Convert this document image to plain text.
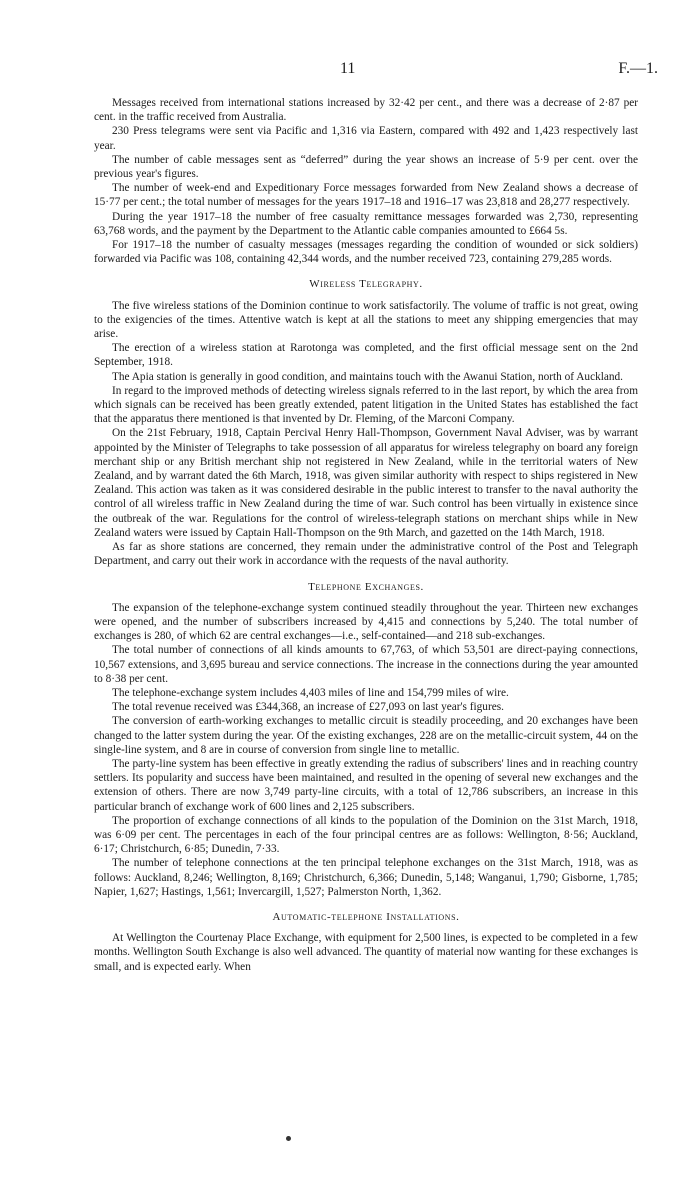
11	F.—1.

Messages received from international stations increased by 32·42 per cent., and there was a decrease of 2·87 per cent. in the traffic received from Australia.

230 Press telegrams were sent via Pacific and 1,316 via Eastern, compared with 492 and 1,423 respectively last year.

The number of cable messages sent as “deferred” during the year shows an increase of 5·9 per cent. over the previous year's figures.

The number of week-end and Expeditionary Force messages forwarded from New Zealand shows a decrease of 15·77 per cent.; the total number of messages for the years 1917–18 and 1916–17 was 23,818 and 28,277 respectively.

During the year 1917–18 the number of free casualty remittance messages forwarded was 2,730, representing 63,768 words, and the payment by the Department to the Atlantic cable companies amounted to £664 5s.

For 1917–18 the number of casualty messages (messages regarding the condition of wounded or sick soldiers) forwarded via Pacific was 108, containing 42,344 words, and the number received 723, containing 279,285 words.

Wireless Telegraphy.

The five wireless stations of the Dominion continue to work satisfactorily. The volume of traffic is not great, owing to the exigencies of the times. Attentive watch is kept at all the stations to meet any shipping emergencies that may arise.

The erection of a wireless station at Rarotonga was completed, and the first official message sent on the 2nd September, 1918.

The Apia station is generally in good condition, and maintains touch with the Awanui Station, north of Auckland.

In regard to the improved methods of detecting wireless signals referred to in the last report, by which the area from which signals can be received has been greatly extended, patent litigation in the United States has established the fact that the apparatus there mentioned is that invented by Dr. Fleming, of the Marconi Company.

On the 21st February, 1918, Captain Percival Henry Hall-Thompson, Government Naval Adviser, was by warrant appointed by the Minister of Telegraphs to take possession of all apparatus for wireless telegraphy on board any foreign merchant ship or any British merchant ship not registered in New Zealand, while in the territorial waters of New Zealand, and by warrant dated the 6th March, 1918, was given similar authority with respect to ships registered in New Zealand. This action was taken as it was considered desirable in the public interest to transfer to the naval authority the control of all wireless traffic in New Zealand during the time of war. Such control has been virtually in existence since the outbreak of the war. Regulations for the control of wireless-telegraph stations on merchant ships while in New Zealand waters were issued by Captain Hall-Thompson on the 9th March, and gazetted on the 14th March, 1918.

As far as shore stations are concerned, they remain under the administrative control of the Post and Telegraph Department, and carry out their work in accordance with the requests of the naval authority.

Telephone Exchanges.

The expansion of the telephone-exchange system continued steadily throughout the year. Thirteen new exchanges were opened, and the number of subscribers increased by 4,415 and connections by 5,240. The total number of exchanges is 280, of which 62 are central exchanges—i.e., self-contained—and 218 sub-exchanges.

The total number of connections of all kinds amounts to 67,763, of which 53,501 are direct-paying connections, 10,567 extensions, and 3,695 bureau and service connections. The increase in the connections during the year amounted to 8·38 per cent.

The telephone-exchange system includes 4,403 miles of line and 154,799 miles of wire.

The total revenue received was £344,368, an increase of £27,093 on last year's figures.

The conversion of earth-working exchanges to metallic circuit is steadily proceeding, and 20 exchanges have been changed to the latter system during the year. Of the existing exchanges, 228 are on the metallic-circuit system, 44 on the single-line system, and 8 are in course of conversion from single line to metallic.

The party-line system has been effective in greatly extending the radius of subscribers' lines and in reaching country settlers. Its popularity and success have been maintained, and resulted in the opening of several new exchanges and the extension of others. There are now 3,749 party-line circuits, with a total of 12,786 subscribers, an increase in this particular branch of exchange work of 600 lines and 2,125 subscribers.

The proportion of exchange connections of all kinds to the population of the Dominion on the 31st March, 1918, was 6·09 per cent. The percentages in each of the four principal centres are as follows: Wellington, 8·56; Auckland, 6·17; Christchurch, 6·85; Dunedin, 7·33.

The number of telephone connections at the ten principal telephone exchanges on the 31st March, 1918, was as follows: Auckland, 8,246; Wellington, 8,169; Christchurch, 6,366; Dunedin, 5,148; Wanganui, 1,790; Gisborne, 1,785; Napier, 1,627; Hastings, 1,561; Invercargill, 1,527; Palmerston North, 1,362.

Automatic-telephone Installations.

At Wellington the Courtenay Place Exchange, with equipment for 2,500 lines, is expected to be completed in a few months. Wellington South Exchange is also well advanced. The quantity of material now wanting for these exchanges is small, and is expected early. When
